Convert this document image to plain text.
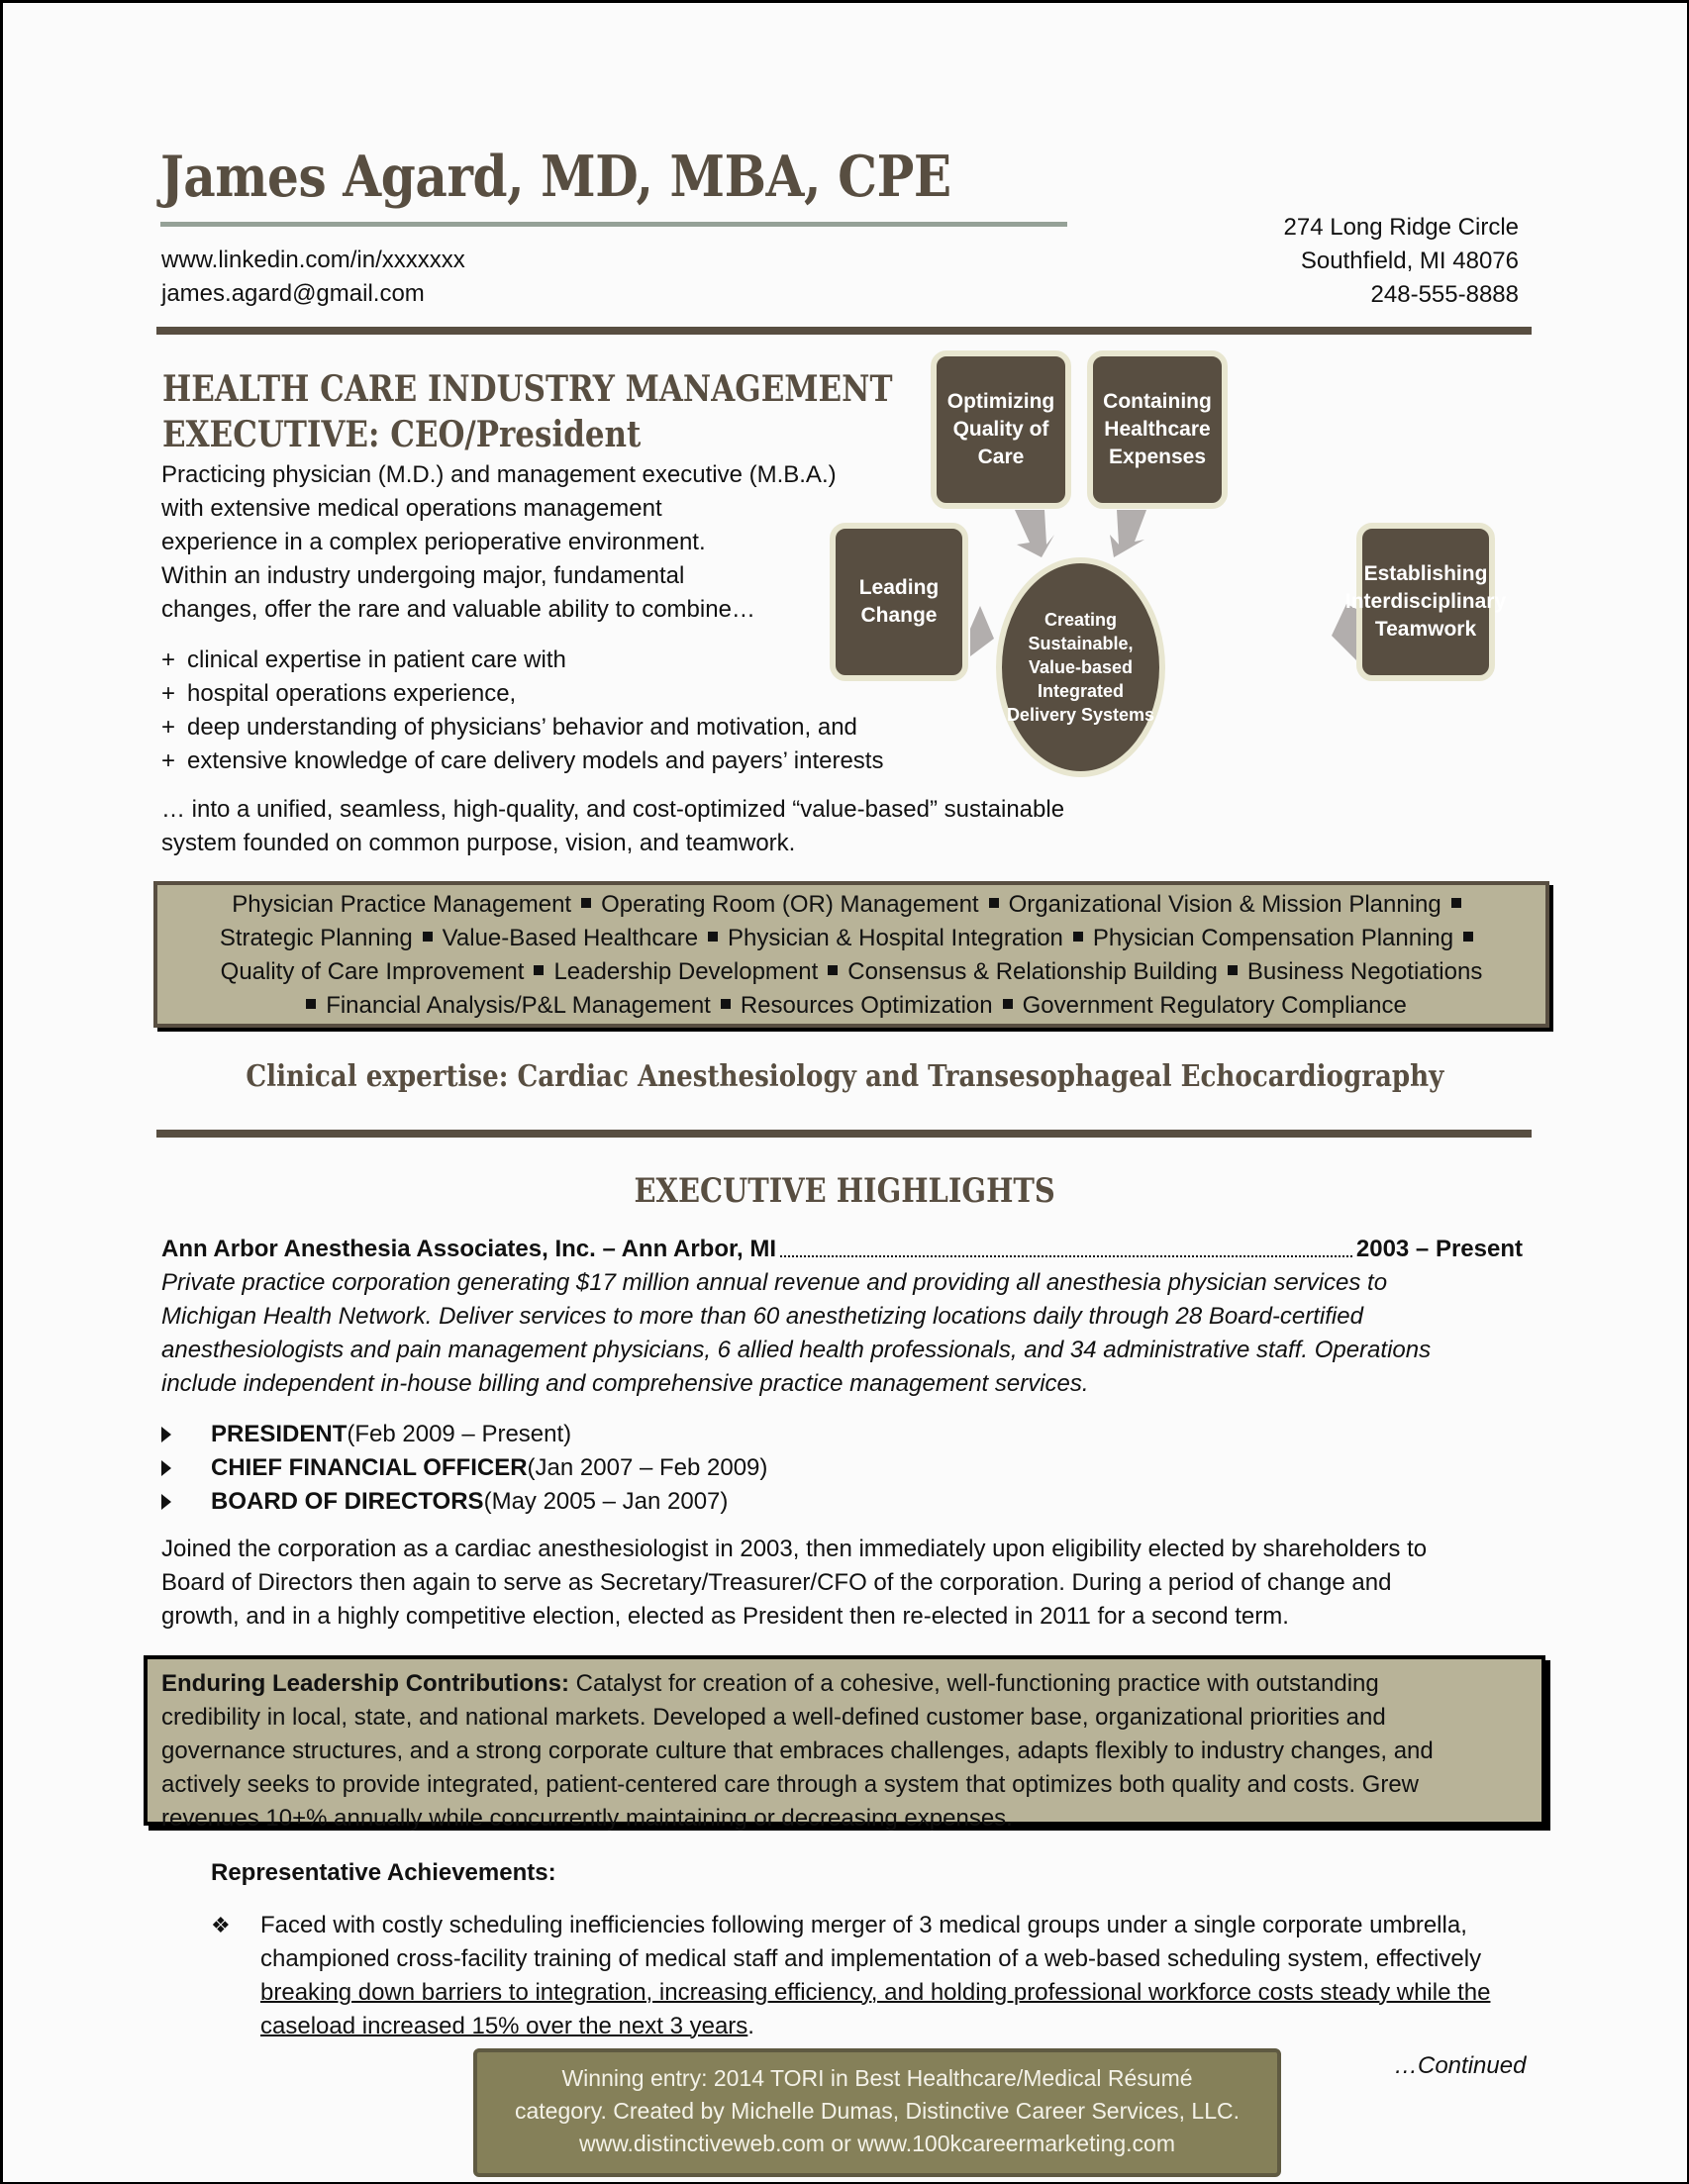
James Agard, MD, MBA, CPE
www.linkedin.com/in/xxxxxxx
james.agard@gmail.com
274 Long Ridge Circle
Southfield, MI 48076
248-555-8888
HEALTH CARE INDUSTRY MANAGEMENT
EXECUTIVE: CEO/President
Practicing physician (M.D.) and management executive (M.B.A.)
with extensive medical operations management
experience in a complex perioperative environment.
Within an industry undergoing major, fundamental
changes, offer the rare and valuable ability to combine…
+ clinical expertise in patient care with
+ hospital operations experience,
+ deep understanding of physicians’ behavior and motivation, and
+ extensive knowledge of care delivery models and payers’ interests
… into a unified, seamless, high-quality, and cost-optimized “value-based” sustainable
system founded on common purpose, vision, and teamwork.
Optimizing
Quality of Care
Containing
Healthcare
Expenses
Leading Change
Establishing
Interdisciplinary
Teamwork
Creating
Sustainable,
Value-based
Integrated
Delivery Systems
Physician Practice Management Operating Room (OR) Management Organizational Vision & Mission Planning
Strategic Planning Value-Based Healthcare Physician & Hospital Integration Physician Compensation Planning
Quality of Care Improvement Leadership Development Consensus & Relationship Building Business Negotiations
Financial Analysis/P&L Management Resources Optimization Government Regulatory Compliance
Clinical expertise: Cardiac Anesthesiology and Transesophageal Echocardiography
EXECUTIVE HIGHLIGHTS
Ann Arbor Anesthesia Associates, Inc. – Ann Arbor, MI	2003 – Present
Private practice corporation generating $17 million annual revenue and providing all anesthesia physician services to
Michigan Health Network. Deliver services to more than 60 anesthetizing locations daily through 28 Board-certified
anesthesiologists and pain management physicians, 6 allied health professionals, and 34 administrative staff. Operations
include independent in-house billing and comprehensive practice management services.
PRESIDENT (Feb 2009 – Present)
CHIEF FINANCIAL OFFICER (Jan 2007 – Feb 2009)
BOARD OF DIRECTORS (May 2005 – Jan 2007)
Joined the corporation as a cardiac anesthesiologist in 2003, then immediately upon eligibility elected by shareholders to
Board of Directors then again to serve as Secretary/Treasurer/CFO of the corporation. During a period of change and
growth, and in a highly competitive election, elected as President then re-elected in 2011 for a second term.
Enduring Leadership Contributions: Catalyst for creation of a cohesive, well-functioning practice with outstanding
credibility in local, state, and national markets. Developed a well-defined customer base, organizational priorities and
governance structures, and a strong corporate culture that embraces challenges, adapts flexibly to industry changes, and
actively seeks to provide integrated, patient-centered care through a system that optimizes both quality and costs. Grew
revenues 10+% annually while concurrently maintaining or decreasing expenses.
Representative Achievements:
❖	Faced with costly scheduling inefficiencies following merger of 3 medical groups under a single corporate umbrella, championed cross-facility training of medical staff and implementation of a web-based scheduling system, effectively breaking down barriers to integration, increasing efficiency, and holding professional workforce costs steady while the caseload increased 15% over the next 3 years.
Winning entry: 2014 TORI in Best Healthcare/Medical Résumé
category. Created by Michelle Dumas, Distinctive Career Services, LLC.
www.distinctiveweb.com or www.100kcareermarketing.com
…Continued
